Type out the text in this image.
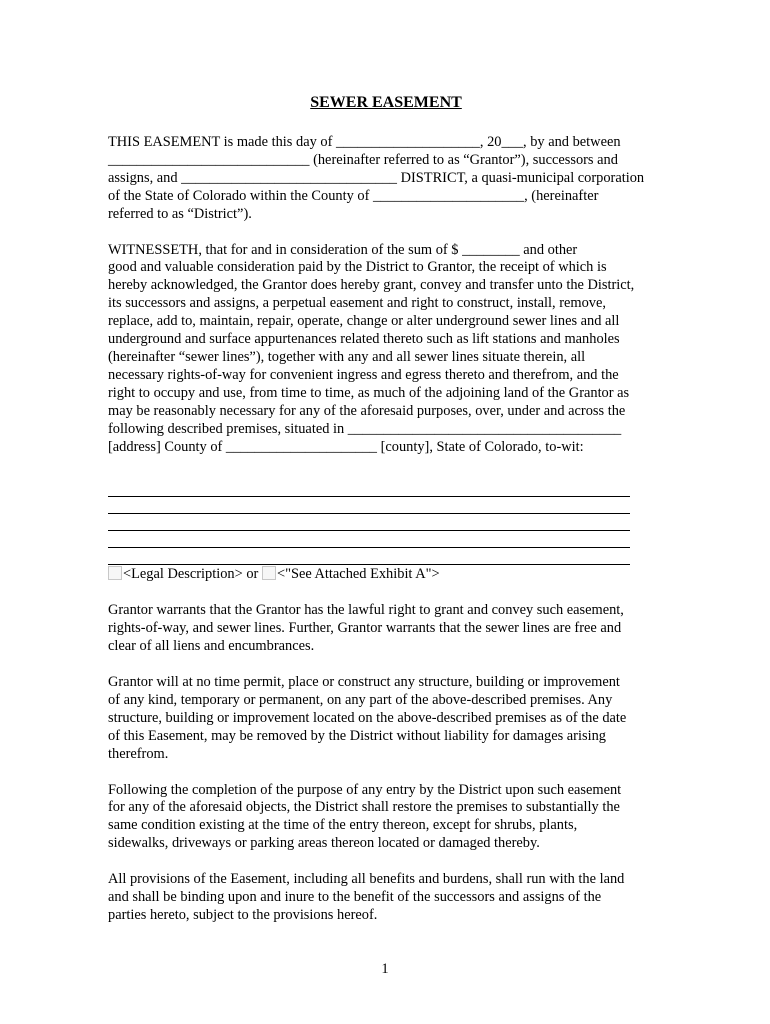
SEWER EASEMENT
THIS EASEMENT is made this day of ____________________, 20___, by and between
____________________________ (hereinafter referred to as “Grantor”), successors and
assigns, and ______________________________ DISTRICT, a quasi-municipal corporation
of the State of Colorado within the County of _____________________, (hereinafter
referred to as “District”).
WITNESSETH, that for and in consideration of the sum of $ ________ and other
good and valuable consideration paid by the District to Grantor, the receipt of which is
hereby acknowledged, the Grantor does hereby grant, convey and transfer unto the District,
its successors and assigns, a perpetual easement and right to construct, install, remove,
replace, add to, maintain, repair, operate, change or alter underground sewer lines and all
underground and surface appurtenances related thereto such as lift stations and manholes
(hereinafter “sewer lines”), together with any and all sewer lines situate therein, all
necessary rights-of-way for convenient ingress and egress thereto and therefrom, and the
right to occupy and use, from time to time, as much of the adjoining land of the Grantor as
may be reasonably necessary for any of the aforesaid purposes, over, under and across the
following described premises, situated in ______________________________________
[address] County of _____________________ [county], State of Colorado, to-wit:
<Legal Description> or <"See Attached Exhibit A">
Grantor warrants that the Grantor has the lawful right to grant and convey such easement,
rights-of-way, and sewer lines. Further, Grantor warrants that the sewer lines are free and
clear of all liens and encumbrances.
Grantor will at no time permit, place or construct any structure, building or improvement
of any kind, temporary or permanent, on any part of the above-described premises. Any
structure, building or improvement located on the above-described premises as of the date
of this Easement, may be removed by the District without liability for damages arising
therefrom.
Following the completion of the purpose of any entry by the District upon such easement
for any of the aforesaid objects, the District shall restore the premises to substantially the
same condition existing at the time of the entry thereon, except for shrubs, plants,
sidewalks, driveways or parking areas thereon located or damaged thereby.
All provisions of the Easement, including all benefits and burdens, shall run with the land
and shall be binding upon and inure to the benefit of the successors and assigns of the
parties hereto, subject to the provisions hereof.
1
